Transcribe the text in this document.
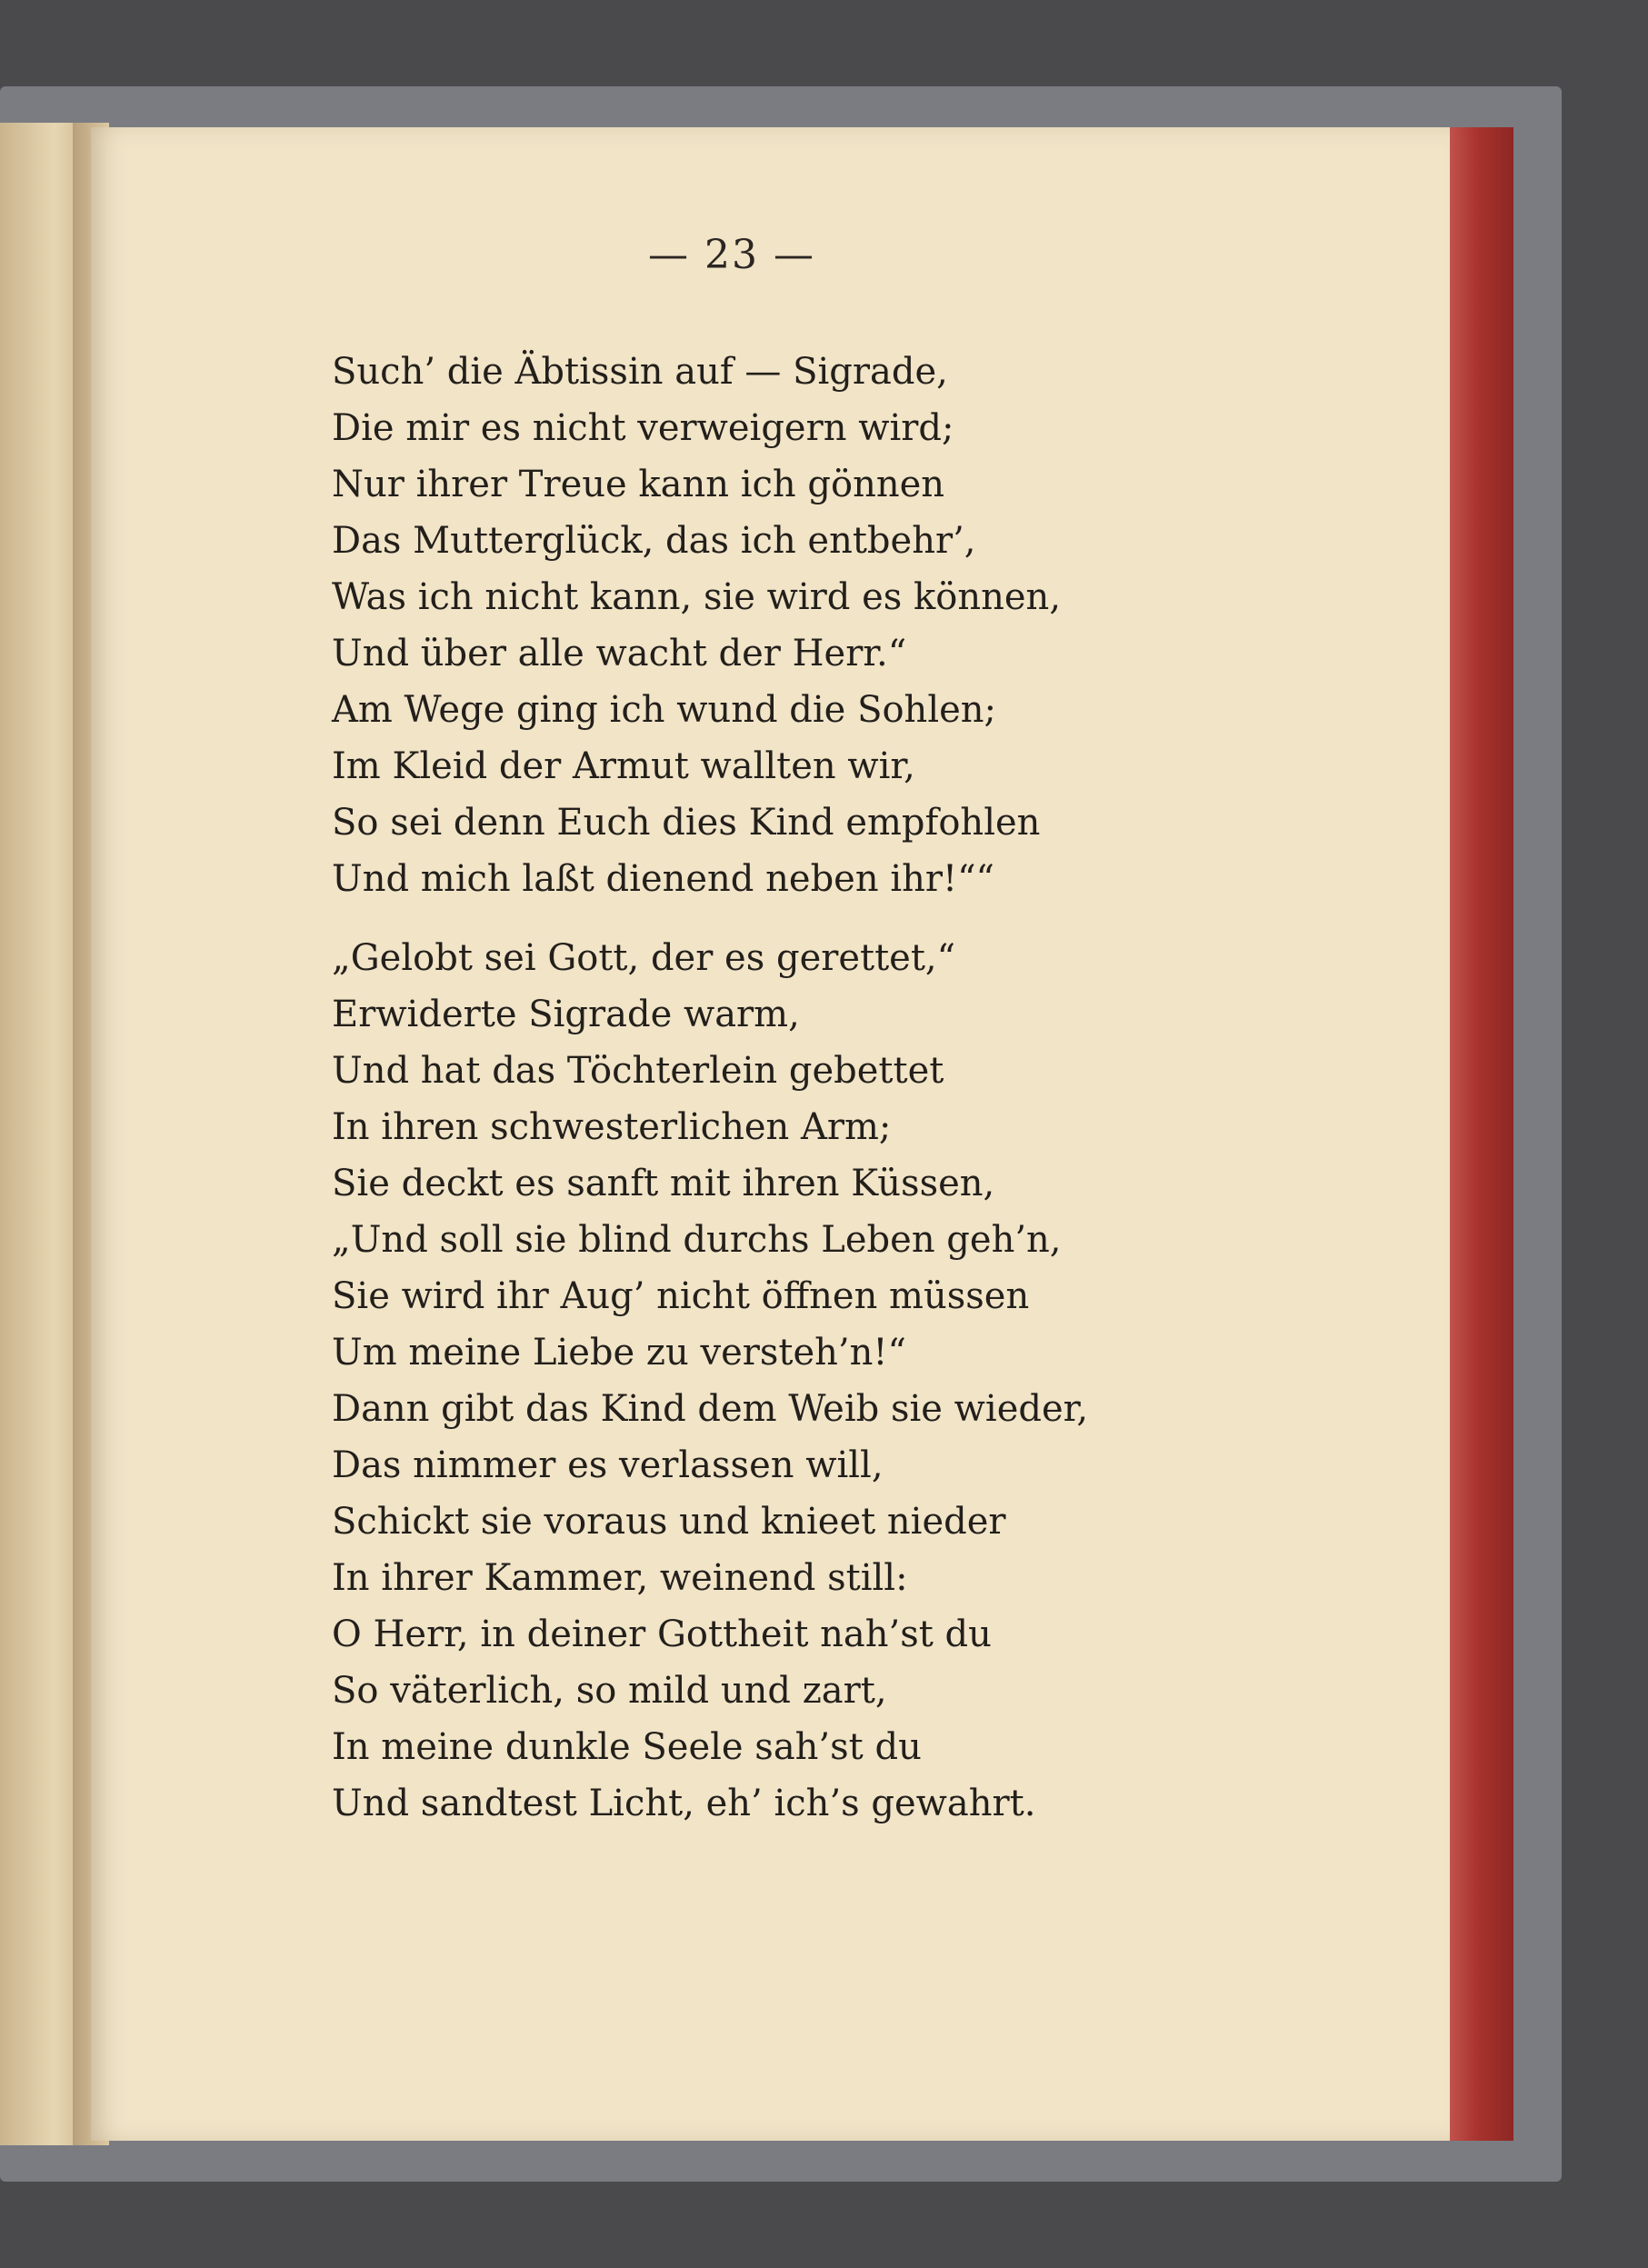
— 23 —
Such’ die Äbtissin auf — Sigrade,
Die mir es nicht verweigern wird;
Nur ihrer Treue kann ich gönnen
Das Mutterglück, das ich entbehr’,
Was ich nicht kann, sie wird es können,
Und über alle wacht der Herr.“
Am Wege ging ich wund die Sohlen;
Im Kleid der Armut wallten wir,
So sei denn Euch dies Kind empfohlen
Und mich laßt dienend neben ihr!““
„Gelobt sei Gott, der es gerettet,“
Erwiderte Sigrade warm,
Und hat das Töchterlein gebettet
In ihren schwesterlichen Arm;
Sie deckt es sanft mit ihren Küssen,
„Und soll sie blind durchs Leben geh’n,
Sie wird ihr Aug’ nicht öffnen müssen
Um meine Liebe zu versteh’n!“
Dann gibt das Kind dem Weib sie wieder,
Das nimmer es verlassen will,
Schickt sie voraus und knieet nieder
In ihrer Kammer, weinend still:
O Herr, in deiner Gottheit nah’st du
So väterlich, so mild und zart,
In meine dunkle Seele sah’st du
Und sandtest Licht, eh’ ich’s gewahrt.
